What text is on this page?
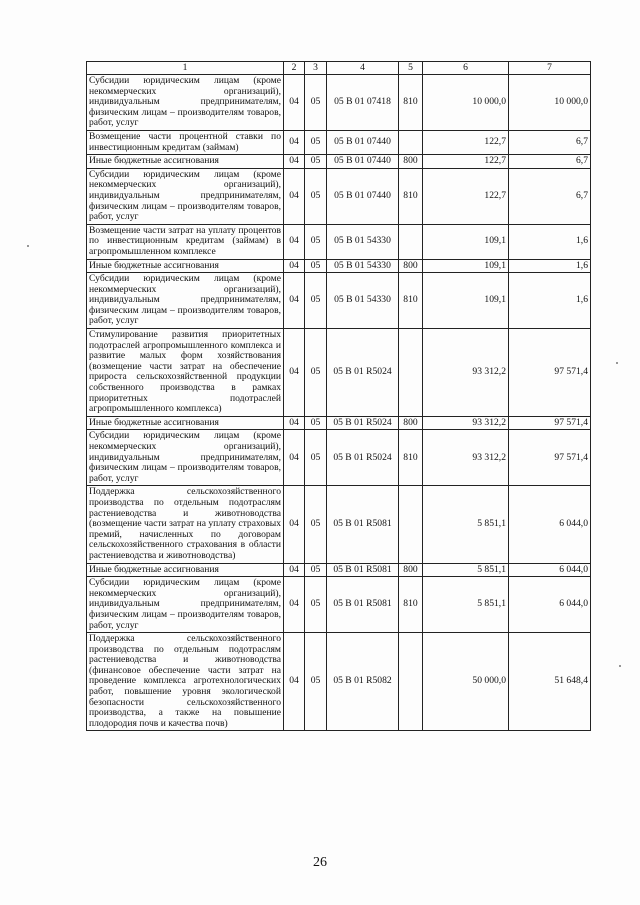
1	2	3	4	5	6	7
Субсидии юридическим лицам (кроме некоммерческих организаций), индивидуальным предпринимателям, физическим лицам – производителям товаров, работ, услуг	04	05	05 В 01 07418	810	10 000,0	10 000,0
Возмещение части процентной ставки по инвестиционным кредитам (займам)	04	05	05 В 01 07440		122,7	6,7
Иные бюджетные ассигнования	04	05	05 В 01 07440	800	122,7	6,7
Субсидии юридическим лицам (кроме некоммерческих организаций), индивидуальным предпринимателям, физическим лицам – производителям товаров, работ, услуг	04	05	05 В 01 07440	810	122,7	6,7
Возмещение части затрат на уплату процентов по инвестиционным кредитам (займам) в агропромышленном комплексе	04	05	05 В 01 54330		109,1	1,6
Иные бюджетные ассигнования	04	05	05 В 01 54330	800	109,1	1,6
Субсидии юридическим лицам (кроме некоммерческих организаций), индивидуальным предпринимателям, физическим лицам – производителям товаров, работ, услуг	04	05	05 В 01 54330	810	109,1	1,6
Стимулирование развития приоритетных подотраслей агропромышленного комплекса и развитие малых форм хозяйствования (возмещение части затрат на обеспечение прироста сельскохозяйственной продукции собственного производства в рамках приоритетных подотраслей агропромышленного комплекса)	04	05	05 В 01 R5024		93 312,2	97 571,4
Иные бюджетные ассигнования	04	05	05 В 01 R5024	800	93 312,2	97 571,4
Субсидии юридическим лицам (кроме некоммерческих организаций), индивидуальным предпринимателям, физическим лицам – производителям товаров, работ, услуг	04	05	05 В 01 R5024	810	93 312,2	97 571,4
Поддержка сельскохозяйственного производства по отдельным подотраслям растениеводства и животноводства (возмещение части затрат на уплату страховых премий, начисленных по договорам сельскохозяйственного страхования в области растениеводства и животноводства)	04	05	05 В 01 R5081		5 851,1	6 044,0
Иные бюджетные ассигнования	04	05	05 В 01 R5081	800	5 851,1	6 044,0
Субсидии юридическим лицам (кроме некоммерческих организаций), индивидуальным предпринимателям, физическим лицам – производителям товаров, работ, услуг	04	05	05 В 01 R5081	810	5 851,1	6 044,0
Поддержка сельскохозяйственного производства по отдельным подотраслям растениеводства и животноводства (финансовое обеспечение части затрат на проведение комплекса агротехнологических работ, повышение уровня экологической безопасности сельскохозяйственного производства, а также на повышение плодородия почв и качества почв)	04	05	05 В 01 R5082		50 000,0	51 648,4
26
